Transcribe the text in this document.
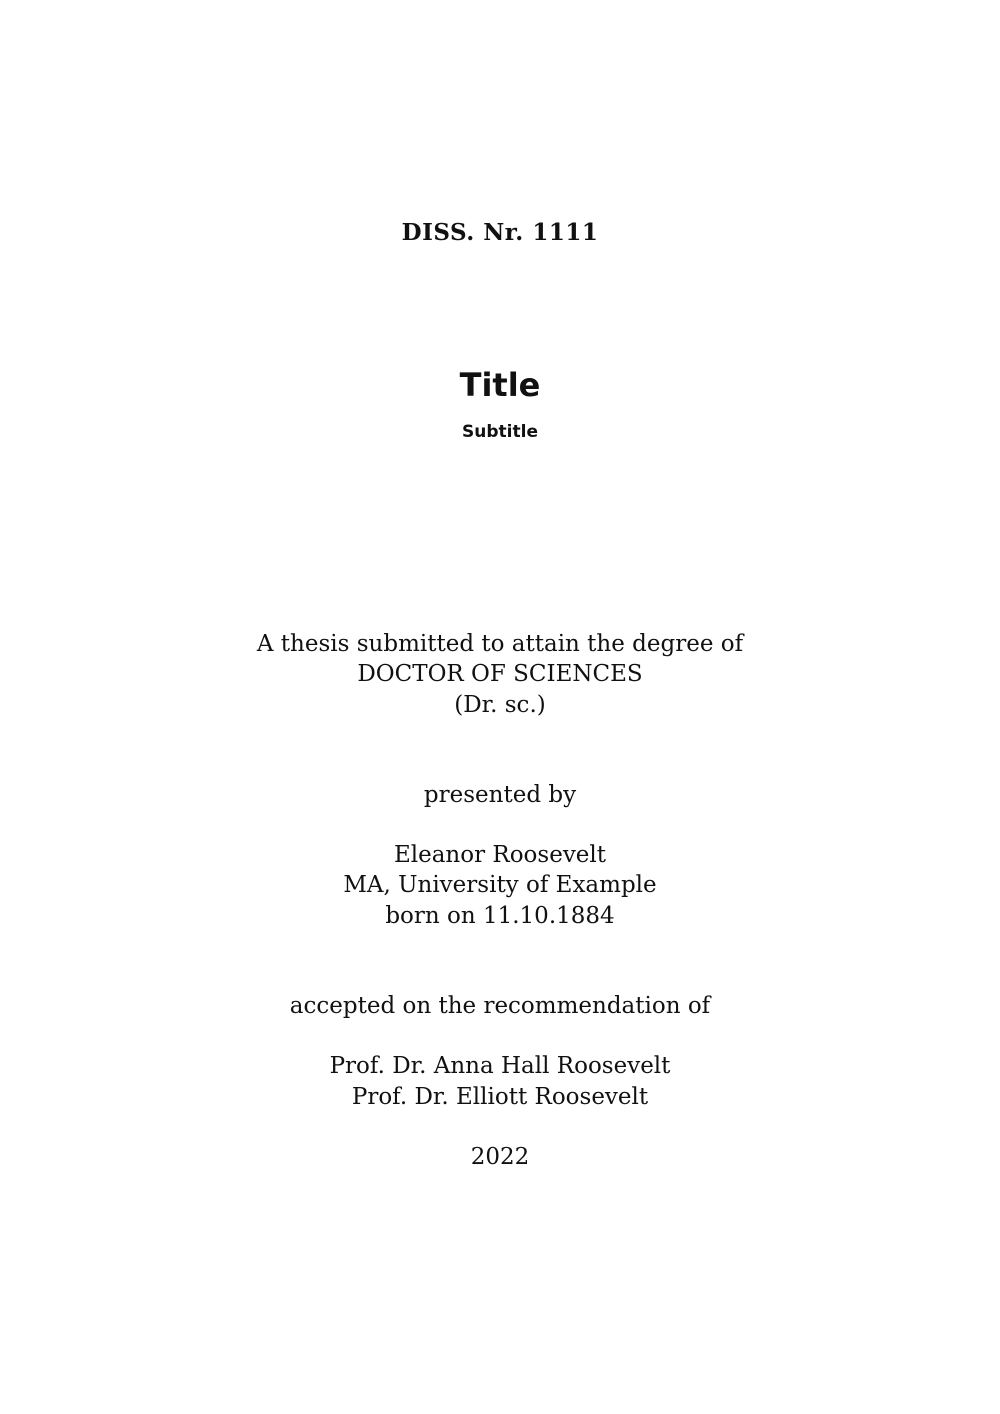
DISS. Nr. 1111
Title
Subtitle
A thesis submitted to attain the degree of
DOCTOR OF SCIENCES
(Dr. sc.)
presented by
Eleanor Roosevelt
MA, University of Example
born on 11.10.1884
accepted on the recommendation of
Prof. Dr. Anna Hall Roosevelt
Prof. Dr. Elliott Roosevelt
2022
